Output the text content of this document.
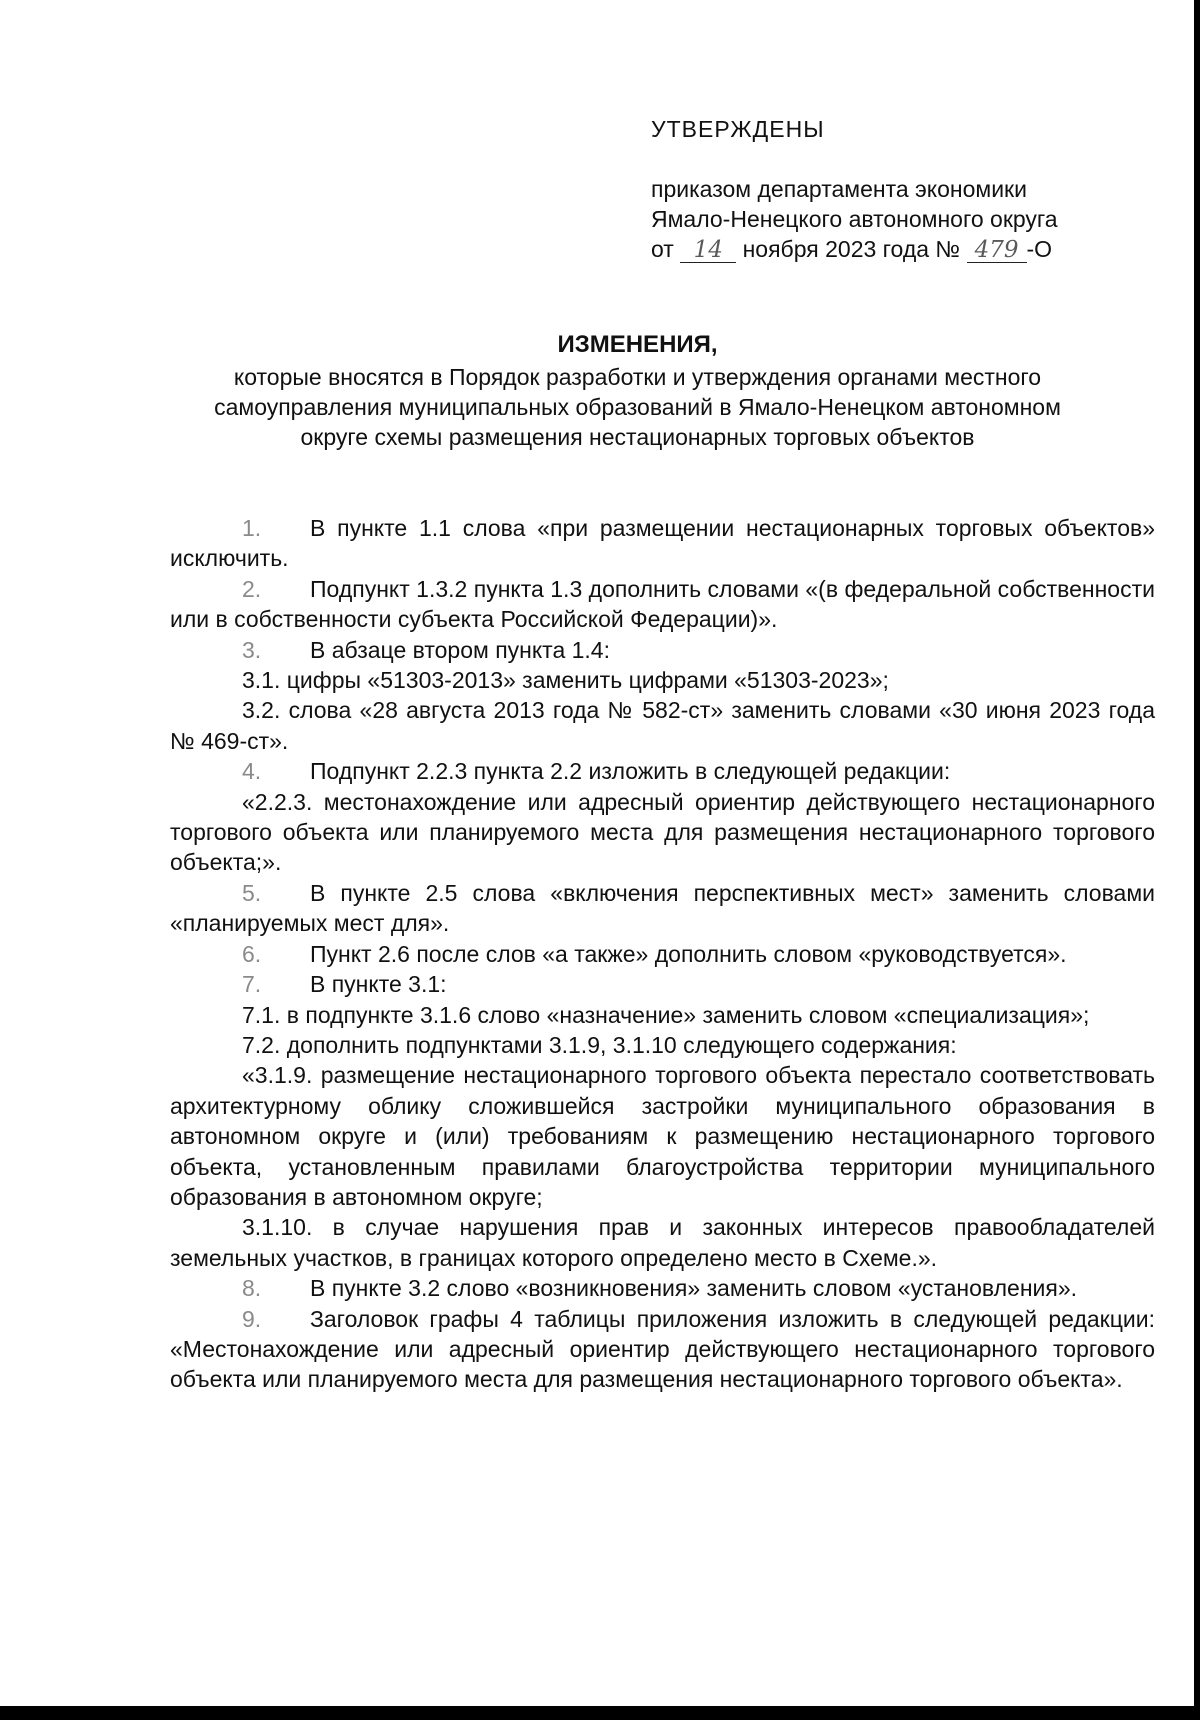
УТВЕРЖДЕНЫ
приказом департамента экономики
Ямало-Ненецкого автономного округа
от 14 ноября 2023 года № 479 -О
ИЗМЕНЕНИЯ,
которые вносятся в Порядок разработки и утверждения органами местного
самоуправления муниципальных образований в Ямало-Ненецком автономном
округе схемы размещения нестационарных торговых объектов

1. В пункте 1.1 слова «при размещении нестационарных торговых объектов» исключить.

2. Подпункт 1.3.2 пункта 1.3 дополнить словами «(в федеральной собственности или в собственности субъекта Российской Федерации)».

3. В абзаце втором пункта 1.4:

3.1. цифры «51303-2013» заменить цифрами «51303-2023»;

3.2. слова «28 августа 2013 года № 582-ст» заменить словами «30 июня 2023 года № 469-ст».

4. Подпункт 2.2.3 пункта 2.2 изложить в следующей редакции:

«2.2.3. местонахождение или адресный ориентир действующего нестационарного торгового объекта или планируемого места для размещения нестационарного торгового объекта;».

5. В пункте 2.5 слова «включения перспективных мест» заменить словами «планируемых мест для».

6. Пункт 2.6 после слов «а также» дополнить словом «руководствуется».

7. В пункте 3.1:

7.1. в подпункте 3.1.6 слово «назначение» заменить словом «специализация»;

7.2. дополнить подпунктами 3.1.9, 3.1.10 следующего содержания:

«3.1.9. размещение нестационарного торгового объекта перестало соответствовать архитектурному облику сложившейся застройки муниципального образования в автономном округе и (или) требованиям к размещению нестационарного торгового объекта, установленным правилами благоустройства территории муниципального образования в автономном округе;

3.1.10. в случае нарушения прав и законных интересов правообладателей земельных участков, в границах которого определено место в Схеме.».

8. В пункте 3.2 слово «возникновения» заменить словом «установления».

9. Заголовок графы 4 таблицы приложения изложить в следующей редакции: «Местонахождение или адресный ориентир действующего нестационарного торгового объекта или планируемого места для размещения нестационарного торгового объекта».
